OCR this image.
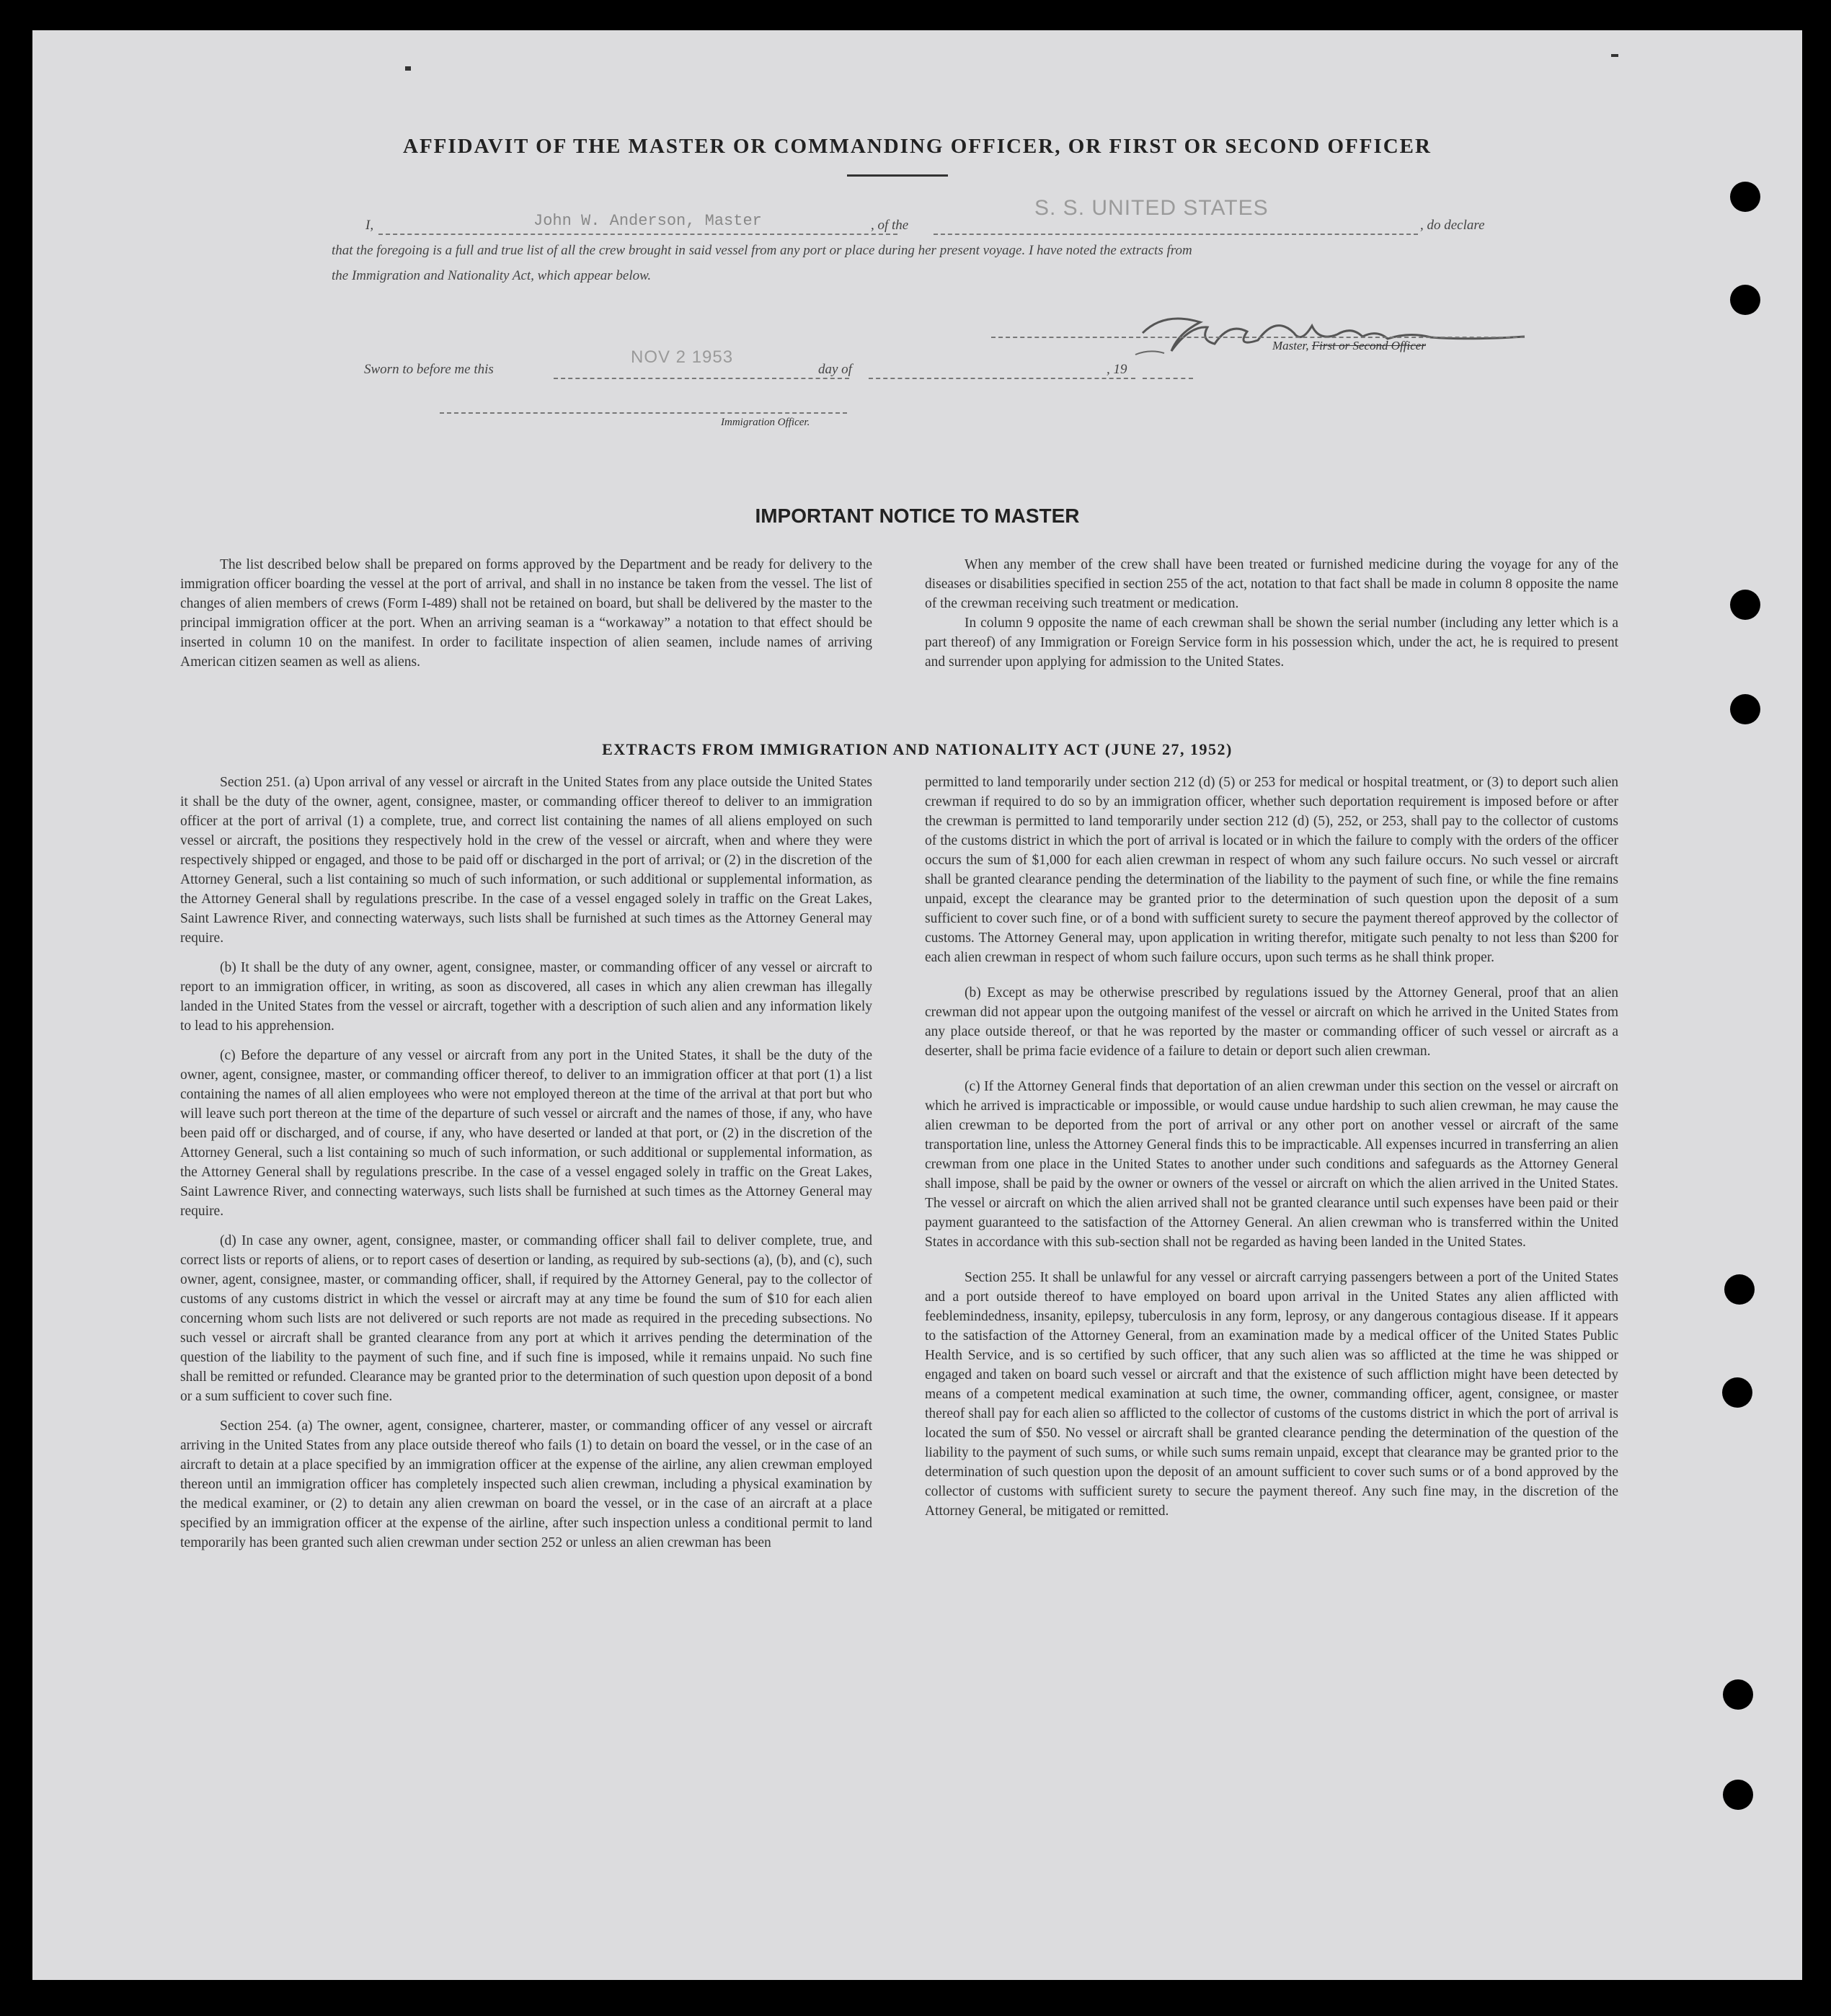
AFFIDAVIT OF THE MASTER OR COMMANDING OFFICER, OR FIRST OR SECOND OFFICER
I,	John W. Anderson, Master	, of the
S. S. UNITED STATES
, do declare
that the foregoing is a full and true list of all the crew brought in said vessel from any port or place during her present voyage. I have noted the extracts from
the Immigration and Nationality Act, which appear below.
Master, First or Second Officer
Sworn to before me this
NOV 2 1953
day of	, 19
Immigration Officer.
IMPORTANT NOTICE TO MASTER

The list described below shall be prepared on forms approved by the Department and be ready for delivery to the immigration officer boarding the vessel at the port of arrival, and shall in no instance be taken from the vessel. The list of changes of alien members of crews (Form I-489) shall not be retained on board, but shall be delivered by the master to the principal immigration officer at the port. When an arriving seaman is a “workaway” a notation to that effect should be inserted in column 10 on the manifest. In order to facilitate inspection of alien seamen, include names of arriving American citizen seamen as well as aliens.

When any member of the crew shall have been treated or furnished medicine during the voyage for any of the diseases or disabilities specified in section 255 of the act, notation to that fact shall be made in column 8 opposite the name of the crewman receiving such treatment or medication.

In column 9 opposite the name of each crewman shall be shown the serial number (including any letter which is a part thereof) of any Immigration or Foreign Service form in his possession which, under the act, he is required to present and surrender upon applying for admission to the United States.

EXTRACTS FROM IMMIGRATION AND NATIONALITY ACT (JUNE 27, 1952)

Section 251. (a) Upon arrival of any vessel or aircraft in the United States from any place outside the United States it shall be the duty of the owner, agent, consignee, master, or commanding officer thereof to deliver to an immigration officer at the port of arrival (1) a complete, true, and correct list containing the names of all aliens employed on such vessel or aircraft, the positions they respectively hold in the crew of the vessel or aircraft, when and where they were respectively shipped or engaged, and those to be paid off or discharged in the port of arrival; or (2) in the discretion of the Attorney General, such a list containing so much of such information, or such additional or supplemental information, as the Attorney General shall by regulations prescribe. In the case of a vessel engaged solely in traffic on the Great Lakes, Saint Lawrence River, and connecting waterways, such lists shall be furnished at such times as the Attorney General may require.

(b) It shall be the duty of any owner, agent, consignee, master, or commanding officer of any vessel or aircraft to report to an immigration officer, in writing, as soon as discovered, all cases in which any alien crewman has illegally landed in the United States from the vessel or aircraft, together with a description of such alien and any information likely to lead to his apprehension.

(c) Before the departure of any vessel or aircraft from any port in the United States, it shall be the duty of the owner, agent, consignee, master, or commanding officer thereof, to deliver to an immigration officer at that port (1) a list containing the names of all alien employees who were not employed thereon at the time of the arrival at that port but who will leave such port thereon at the time of the departure of such vessel or aircraft and the names of those, if any, who have been paid off or discharged, and of course, if any, who have deserted or landed at that port, or (2) in the discretion of the Attorney General, such a list containing so much of such information, or such additional or supplemental information, as the Attorney General shall by regulations prescribe. In the case of a vessel engaged solely in traffic on the Great Lakes, Saint Lawrence River, and connecting waterways, such lists shall be furnished at such times as the Attorney General may require.

(d) In case any owner, agent, consignee, master, or commanding officer shall fail to deliver complete, true, and correct lists or reports of aliens, or to report cases of desertion or landing, as required by sub-sections (a), (b), and (c), such owner, agent, consignee, master, or commanding officer, shall, if required by the Attorney General, pay to the collector of customs of any customs district in which the vessel or aircraft may at any time be found the sum of $10 for each alien concerning whom such lists are not delivered or such reports are not made as required in the preceding subsections. No such vessel or aircraft shall be granted clearance from any port at which it arrives pending the determination of the question of the liability to the payment of such fine, and if such fine is imposed, while it remains unpaid. No such fine shall be remitted or refunded. Clearance may be granted prior to the determination of such question upon deposit of a bond or a sum sufficient to cover such fine.

Section 254. (a) The owner, agent, consignee, charterer, master, or commanding officer of any vessel or aircraft arriving in the United States from any place outside thereof who fails (1) to detain on board the vessel, or in the case of an aircraft to detain at a place specified by an immigration officer at the expense of the airline, any alien crewman employed thereon until an immigration officer has completely inspected such alien crewman, including a physical examination by the medical examiner, or (2) to detain any alien crewman on board the vessel, or in the case of an aircraft at a place specified by an immigration officer at the expense of the airline, after such inspection unless a conditional permit to land temporarily has been granted such alien crewman under section 252 or unless an alien crewman has been

permitted to land temporarily under section 212 (d) (5) or 253 for medical or hospital treatment, or (3) to deport such alien crewman if required to do so by an immigration officer, whether such deportation requirement is imposed before or after the crewman is permitted to land temporarily under section 212 (d) (5), 252, or 253, shall pay to the collector of customs of the customs district in which the port of arrival is located or in which the failure to comply with the orders of the officer occurs the sum of $1,000 for each alien crewman in respect of whom any such failure occurs. No such vessel or aircraft shall be granted clearance pending the determination of the liability to the payment of such fine, or while the fine remains unpaid, except the clearance may be granted prior to the determination of such question upon the deposit of a sum sufficient to cover such fine, or of a bond with sufficient surety to secure the payment thereof approved by the collector of customs. The Attorney General may, upon application in writing therefor, mitigate such penalty to not less than $200 for each alien crewman in respect of whom such failure occurs, upon such terms as he shall think proper.

(b) Except as may be otherwise prescribed by regulations issued by the Attorney General, proof that an alien crewman did not appear upon the outgoing manifest of the vessel or aircraft on which he arrived in the United States from any place outside thereof, or that he was reported by the master or commanding officer of such vessel or aircraft as a deserter, shall be prima facie evidence of a failure to detain or deport such alien crewman.

(c) If the Attorney General finds that deportation of an alien crewman under this section on the vessel or aircraft on which he arrived is impracticable or impossible, or would cause undue hardship to such alien crewman, he may cause the alien crewman to be deported from the port of arrival or any other port on another vessel or aircraft of the same transportation line, unless the Attorney General finds this to be impracticable. All expenses incurred in transferring an alien crewman from one place in the United States to another under such conditions and safeguards as the Attorney General shall impose, shall be paid by the owner or owners of the vessel or aircraft on which the alien arrived in the United States. The vessel or aircraft on which the alien arrived shall not be granted clearance until such expenses have been paid or their payment guaranteed to the satisfaction of the Attorney General. An alien crewman who is transferred within the United States in accordance with this sub-section shall not be regarded as having been landed in the United States.

Section 255. It shall be unlawful for any vessel or aircraft carrying passengers between a port of the United States and a port outside thereof to have employed on board upon arrival in the United States any alien afflicted with feeblemindedness, insanity, epilepsy, tuberculosis in any form, leprosy, or any dangerous contagious disease. If it appears to the satisfaction of the Attorney General, from an examination made by a medical officer of the United States Public Health Service, and is so certified by such officer, that any such alien was so afflicted at the time he was shipped or engaged and taken on board such vessel or aircraft and that the existence of such affliction might have been detected by means of a competent medical examination at such time, the owner, commanding officer, agent, consignee, or master thereof shall pay for each alien so afflicted to the collector of customs of the customs district in which the port of arrival is located the sum of $50. No vessel or aircraft shall be granted clearance pending the determination of the question of the liability to the payment of such sums, or while such sums remain unpaid, except that clearance may be granted prior to the determination of such question upon the deposit of an amount sufficient to cover such sums or of a bond approved by the collector of customs with sufficient surety to secure the payment thereof. Any such fine may, in the discretion of the Attorney General, be mitigated or remitted.
